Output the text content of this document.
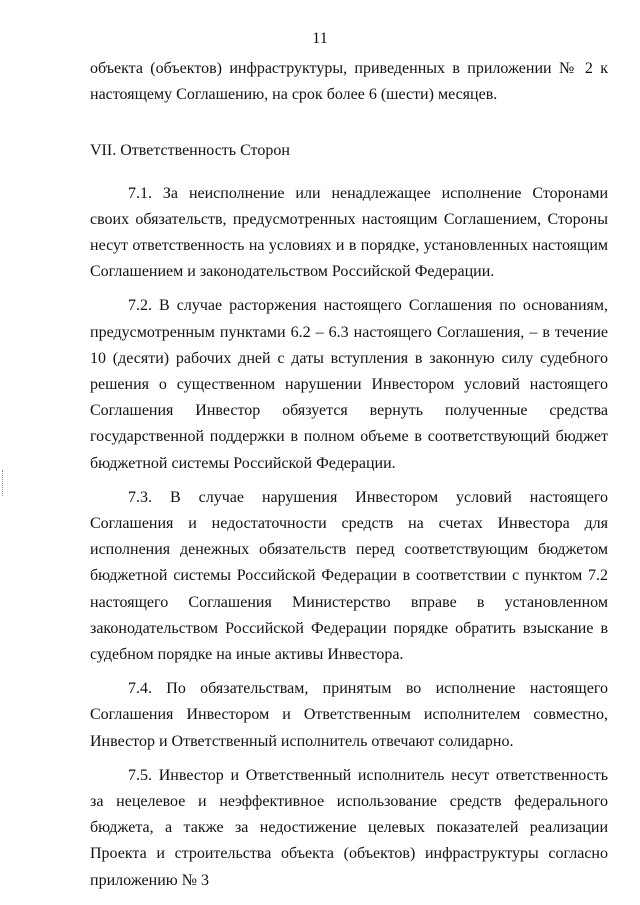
11

объекта (объектов) инфраструктуры, приведенных в приложении № 2 к настоящему Соглашению, на срок более 6 (шести) месяцев.

VII. Ответственность Сторон

7.1. За неисполнение или ненадлежащее исполнение Сторонами своих обязательств, предусмотренных настоящим Соглашением, Стороны несут ответственность на условиях и в порядке, установленных настоящим Соглашением и законодательством Российской Федерации.

7.2. В случае расторжения настоящего Соглашения по основаниям, предусмотренным пунктами 6.2 – 6.3 настоящего Соглашения, – в течение 10 (десяти) рабочих дней с даты вступления в законную силу судебного решения о существенном нарушении Инвестором условий настоящего Соглашения Инвестор обязуется вернуть полученные средства государственной поддержки в полном объеме в соответствующий бюджет бюджетной системы Российской Федерации.

7.3. В случае нарушения Инвестором условий настоящего Соглашения и недостаточности средств на счетах Инвестора для исполнения денежных обязательств перед соответствующим бюджетом бюджетной системы Российской Федерации в соответствии с пунктом 7.2 настоящего Соглашения Министерство вправе в установленном законодательством Российской Федерации порядке обратить взыскание в судебном порядке на иные активы Инвестора.

7.4. По обязательствам, принятым во исполнение настоящего Соглашения Инвестором и Ответственным исполнителем совместно, Инвестор и Ответственный исполнитель отвечают солидарно.

7.5. Инвестор и Ответственный исполнитель несут ответственность за нецелевое и неэффективное использование средств федерального бюджета, а также за недостижение целевых показателей реализации Проекта и строительства объекта (объектов) инфраструктуры согласно приложению № 3
